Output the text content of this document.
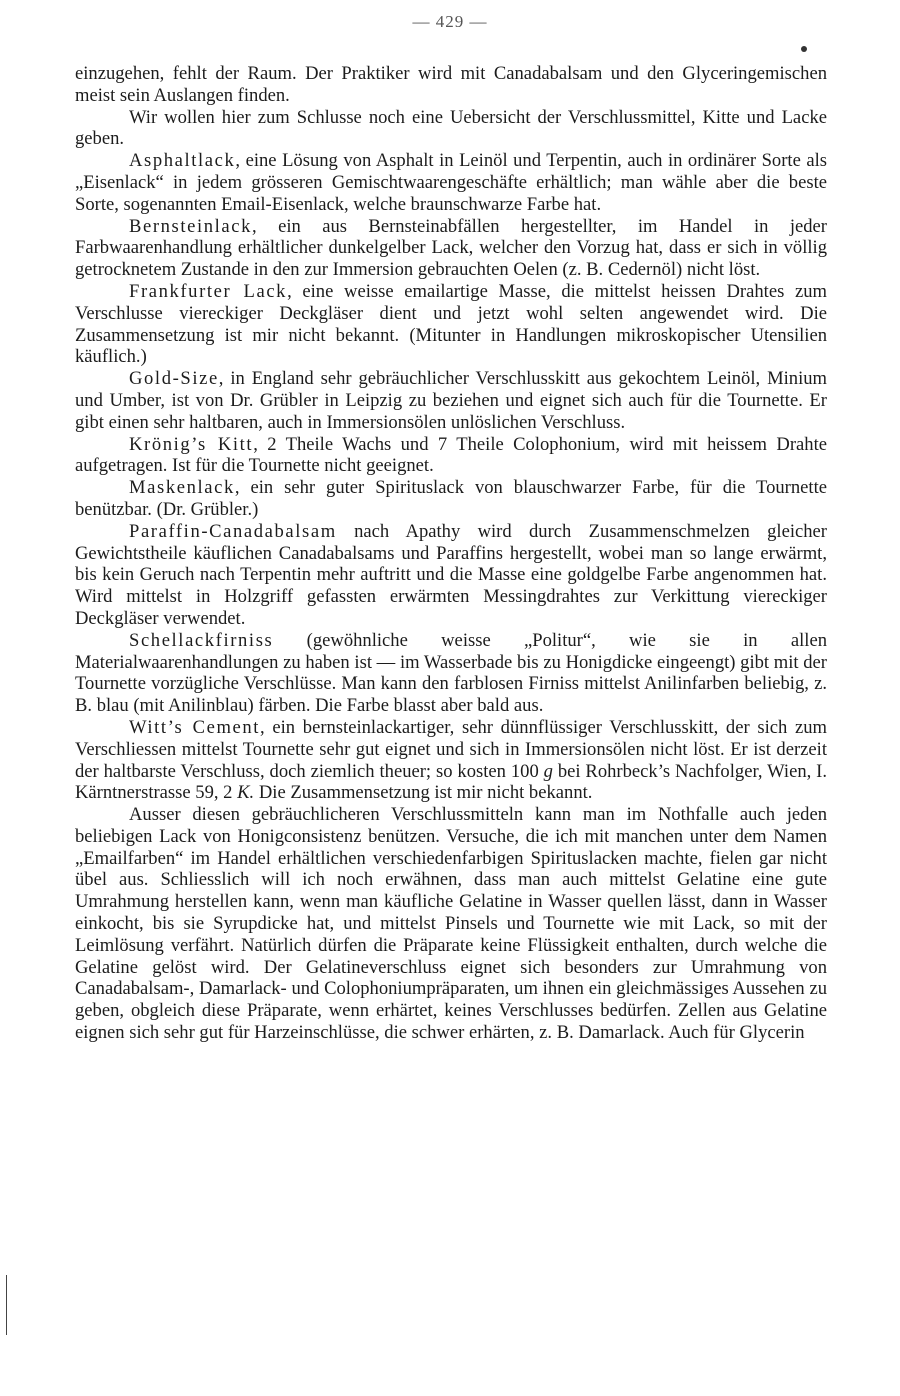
— 429 —

einzugehen, fehlt der Raum. Der Praktiker wird mit Canadabalsam und den Glyceringemischen meist sein Auslangen finden.

Wir wollen hier zum Schlusse noch eine Uebersicht der Verschlussmittel, Kitte und Lacke geben.

Asphaltlack, eine Lösung von Asphalt in Leinöl und Terpentin, auch in ordinärer Sorte als „Eisenlack“ in jedem grösseren Gemischtwaarengeschäfte erhältlich; man wähle aber die beste Sorte, sogenannten Email-Eisenlack, welche braunschwarze Farbe hat.

Bernsteinlack, ein aus Bernsteinabfällen hergestellter, im Handel in jeder Farbwaarenhandlung erhältlicher dunkelgelber Lack, welcher den Vorzug hat, dass er sich in völlig getrocknetem Zustande in den zur Immersion gebrauchten Oelen (z. B. Cedernöl) nicht löst.

Frankfurter Lack, eine weisse emailartige Masse, die mittelst heissen Drahtes zum Verschlusse viereckiger Deckgläser dient und jetzt wohl selten angewendet wird. Die Zusammensetzung ist mir nicht bekannt. (Mitunter in Handlungen mikroskopischer Utensilien käuflich.)

Gold-Size, in England sehr gebräuchlicher Verschlusskitt aus gekochtem Leinöl, Minium und Umber, ist von Dr. Grübler in Leipzig zu beziehen und eignet sich auch für die Tournette. Er gibt einen sehr haltbaren, auch in Immersionsölen unlöslichen Verschluss.

Krönig’s Kitt, 2 Theile Wachs und 7 Theile Colophonium, wird mit heissem Drahte aufgetragen. Ist für die Tournette nicht geeignet.

Maskenlack, ein sehr guter Spirituslack von blauschwarzer Farbe, für die Tournette benützbar. (Dr. Grübler.)

Paraffin-Canadabalsam nach Apathy wird durch Zusammenschmelzen gleicher Gewichtstheile käuflichen Canadabalsams und Paraffins hergestellt, wobei man so lange erwärmt, bis kein Geruch nach Terpentin mehr auftritt und die Masse eine goldgelbe Farbe angenommen hat. Wird mittelst in Holzgriff gefassten erwärmten Messingdrahtes zur Verkittung viereckiger Deckgläser verwendet.

Schellackfirniss (gewöhnliche weisse „Politur“, wie sie in allen Materialwaarenhandlungen zu haben ist — im Wasserbade bis zu Honigdicke eingeengt) gibt mit der Tournette vorzügliche Verschlüsse. Man kann den farblosen Firniss mittelst Anilinfarben beliebig, z. B. blau (mit Anilinblau) färben. Die Farbe blasst aber bald aus.

Witt’s Cement, ein bernsteinlackartiger, sehr dünnflüssiger Verschlusskitt, der sich zum Verschliessen mittelst Tournette sehr gut eignet und sich in Immersionsölen nicht löst. Er ist derzeit der haltbarste Verschluss, doch ziemlich theuer; so kosten 100 g bei Rohrbeck’s Nachfolger, Wien, I. Kärntnerstrasse 59, 2 K. Die Zusammensetzung ist mir nicht bekannt.

Ausser diesen gebräuchlicheren Verschlussmitteln kann man im Nothfalle auch jeden beliebigen Lack von Honigconsistenz benützen. Versuche, die ich mit manchen unter dem Namen „Emailfarben“ im Handel erhältlichen verschiedenfarbigen Spirituslacken machte, fielen gar nicht übel aus. Schliesslich will ich noch erwähnen, dass man auch mittelst Gelatine eine gute Umrahmung herstellen kann, wenn man käufliche Gelatine in Wasser quellen lässt, dann in Wasser einkocht, bis sie Syrupdicke hat, und mittelst Pinsels und Tournette wie mit Lack, so mit der Leimlösung verfährt. Natürlich dürfen die Präparate keine Flüssigkeit enthalten, durch welche die Gelatine gelöst wird. Der Gelatineverschluss eignet sich besonders zur Umrahmung von Canadabalsam-, Damarlack- und Colophoniumpräparaten, um ihnen ein gleichmässiges Aussehen zu geben, obgleich diese Präparate, wenn erhärtet, keines Verschlusses bedürfen. Zellen aus Gelatine eignen sich sehr gut für Harzeinschlüsse, die schwer erhärten, z. B. Damarlack. Auch für Glycerin
